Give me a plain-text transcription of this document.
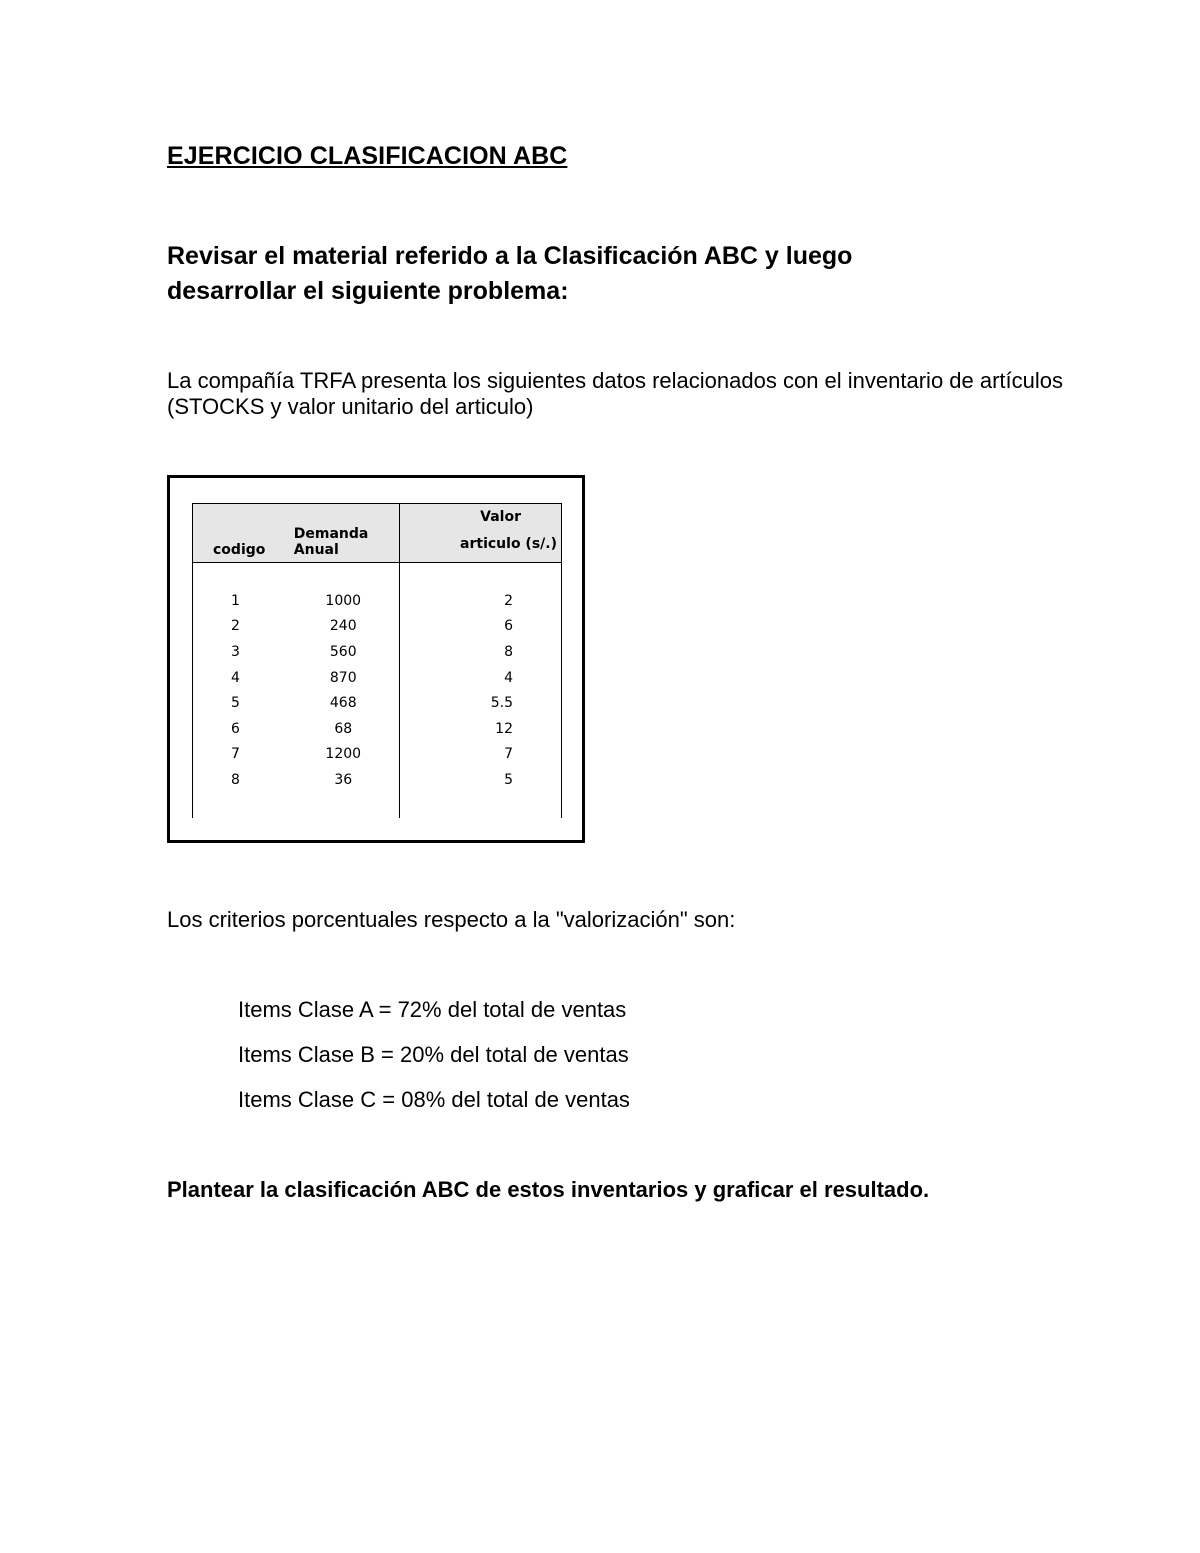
EJERCICIO CLASIFICACION ABC
Revisar el material referido a la Clasificación ABC y luego desarrollar el siguiente problema:
La compañía TRFA presenta los siguientes datos relacionados con el inventario de artículos (STOCKS y valor unitario del articulo)
codigo	Demanda Anual	Valor
articulo (s/.)

1	1000	2
2	240	6
3	560	8
4	870	4
5	468	5.5
6	68	12
7	1200	7
8	36	5

Los criterios porcentuales respecto a la "valorización" son:
Items Clase A = 72% del total de ventas
Items Clase B = 20% del total de ventas
Items Clase C = 08% del total de ventas
Plantear la clasificación ABC de estos inventarios y graficar el resultado.
